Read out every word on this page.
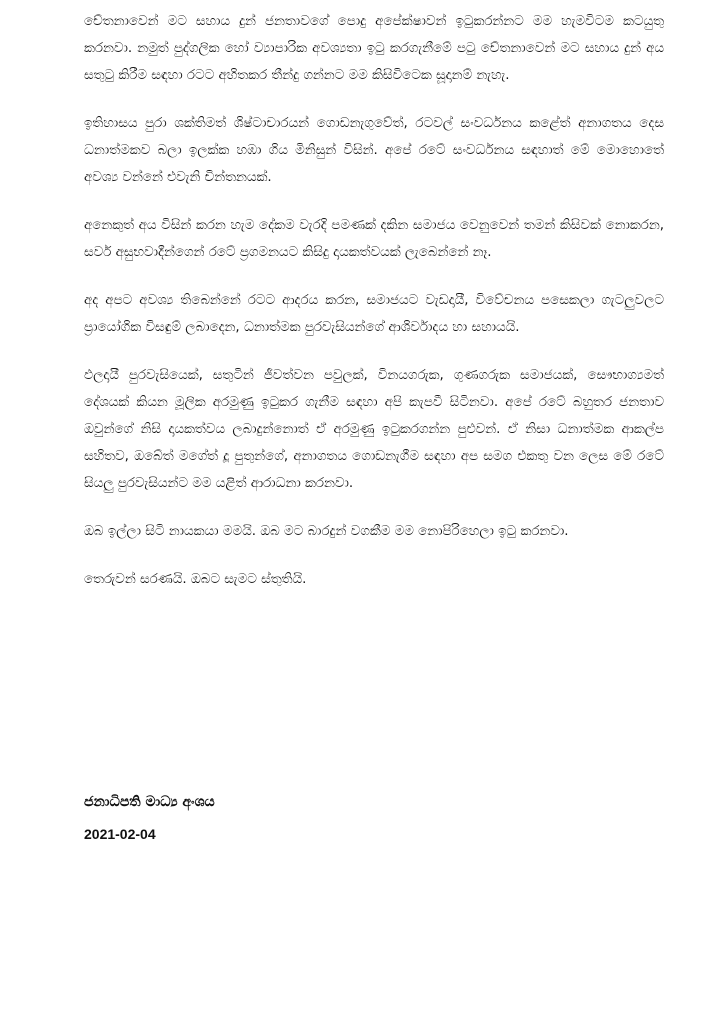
චේතනාවෙන් මට සහාය දුන් ජනතාවගේ පොදු අපේක්ෂාවන් ඉටුකරන්නට මම හැමවිටම කටයුතු කරනවා. නමුත් පුද්ගලික හෝ ව්‍යාපාරික අවශ්‍යතා ඉටු කරගැනීමේ පටු චේතනාවෙන් මට සහාය දුන් අය සතුටු කිරීම සඳහා රටට අහිතකර තීන්දු ගන්නට මම කිසිවිටෙක සූදානම් නැහැ.

ඉතිහාසය පුරා ශක්තිමත් ශිෂ්ටාචාරයන් ගොඩනැගුවේත්, රටවල් සංවර්ධනය කළේත් අනාගතය දෙස ධනාත්මකව බලා ඉලක්ක හඹා ගිය මිනිසුන් විසින්. අපේ රටේ සංවර්ධනය සඳහාත් මේ මොහොතේ අවශ්‍ය වන්නේ එවැනි චින්තනයක්.

අනෙකුත් අය විසින් කරන හැම දේකම වැරදි පමණක් දකින සමාජය වෙනුවෙන් තමන් කිසිවක් නොකරන, සර්ව අසුභවාදීන්ගෙන් රටේ ප්‍රගමනයට කිසිදු දායකත්වයක් ලැබෙන්නේ නෑ.

අද අපට අවශ්‍ය තිබෙන්නේ රටට ආදරය කරන, සමාජයට වැඩදායී, විවේචනය පසෙකලා ගැටලුවලට ප්‍රායෝගික විසඳුම් ලබාදෙන, ධනාත්මක පුරවැසියන්ගේ ආශිර්වාදය හා සහායයි.

ඵලදායී පුරවැසියෙක්, සතුටින් ජීවත්වන පවුලක්, විනයගරුක, ගුණගරුක සමාජයක්, සෞභාග්‍යමත් දේශයක් කියන මූලික අරමුණු ඉටුකර ගැනීම සඳහා අපි කැපවී සිටිනවා. අපේ රටේ බහුතර ජනතාව ඔවුන්ගේ නිසි දායකත්වය ලබාදුන්නොත් ඒ අරමුණු ඉටුකරගන්න පුළුවන්. ඒ නිසා ධනාත්මක ආකල්ප සහිතව, ඔබේත් මගේත් දූ පුතුන්ගේ, අනාගතය ගොඩනැගීම සඳහා අප සමග එකතු වන ලෙස මේ රටේ සියලු පුරවැසියන්ට මම යළිත් ආරාධනා කරනවා.

ඔබ ඉල්ලා සිටි නායකයා මමයි. ඔබ මට බාරදුන් වගකීම මම නොපිරිහෙලා ඉටු කරනවා.

තෙරුවන් සරණයි. ඔබට සැමට ස්තුතියි.

ජනාධිපති මාධ්‍ය අංශය

2021-02-04
